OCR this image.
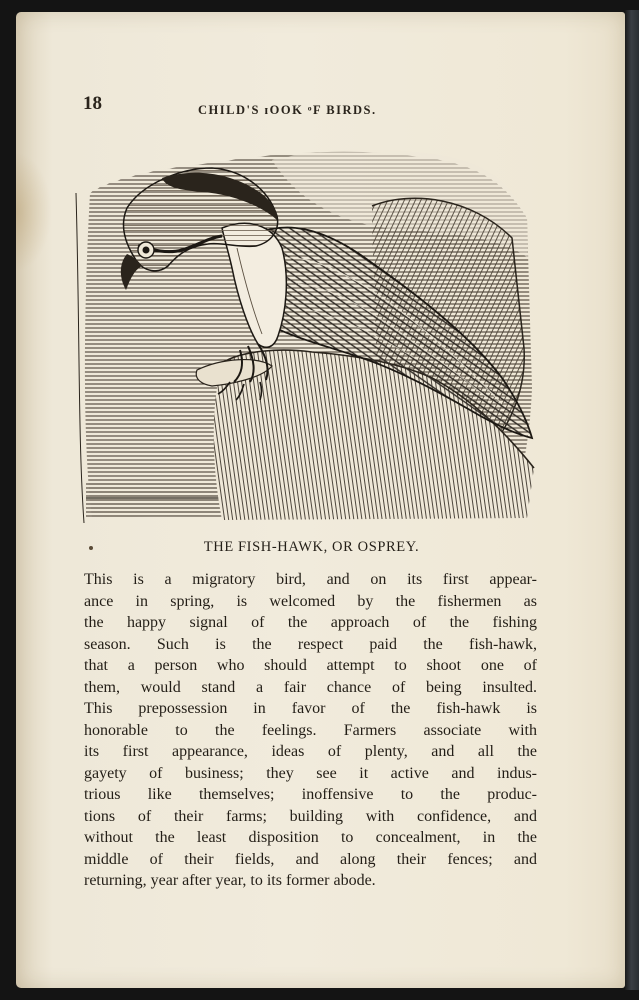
18	CHILD'S ɪOOK ᵒF BIRDS.
THE FISH-HAWK, OR OSPREY.
This is a migratory bird, and on its first appear-
ance in spring, is welcomed by the fishermen as
the happy signal of the approach of the fishing
season. Such is the respect paid the fish-hawk,
that a person who should attempt to shoot one of
them, would stand a fair chance of being insulted.
This prepossession in favor of the fish-hawk is
honorable to the feelings. Farmers associate with
its first appearance, ideas of plenty, and all the
gayety of business; they see it active and indus-
trious like themselves; inoffensive to the produc-
tions of their farms; building with confidence, and
without the least disposition to concealment, in the
middle of their fields, and along their fences; and
returning, year after year, to its former abode.
